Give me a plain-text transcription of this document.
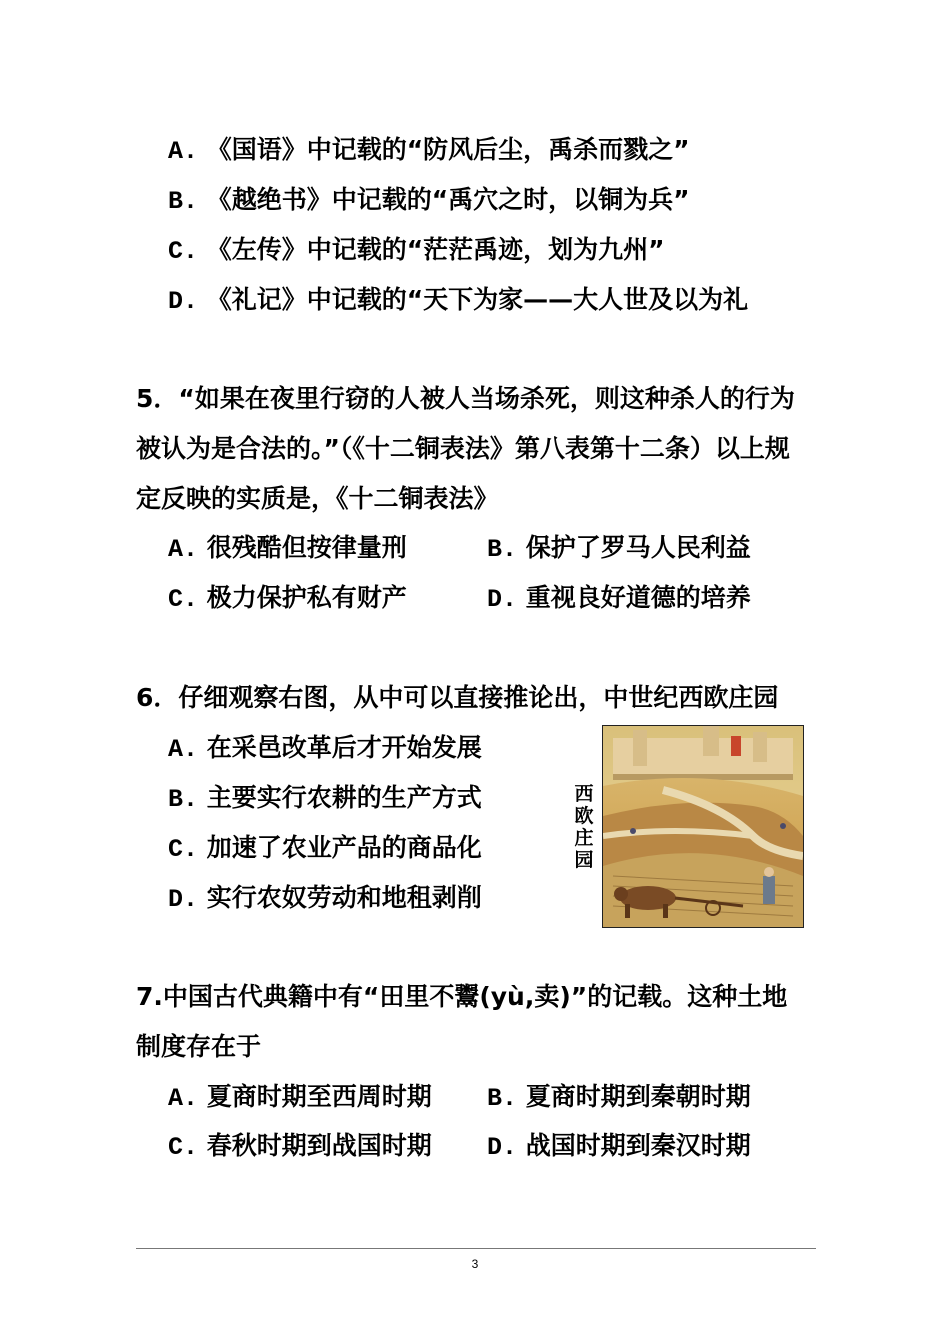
A. 《国语》中记载的“防风后尘，禹杀而戮之”
B. 《越绝书》中记载的“禹穴之时，以铜为兵”
C. 《左传》中记载的“茫茫禹迹，划为九州”
D. 《礼记》中记载的“天下为家——大人世及以为礼
5．“如果在夜里行窃的人被人当场杀死，则这种杀人的行为
被认为是合法的。”（《十二铜表法》第八表第十二条）以上规
定反映的实质是，《十二铜表法》
A. 很残酷但按律量刑	B. 保护了罗马人民利益
C. 极力保护私有财产	D. 重视良好道德的培养
6．仔细观察右图，从中可以直接推论出，中世纪西欧庄园
A. 在采邑改革后才开始发展
B. 主要实行农耕的生产方式
C. 加速了农业产品的商品化
D. 实行农奴劳动和地租剥削
西欧庄园
7.中国古代典籍中有“田里不鬻(yù,卖)”的记载。这种土地
制度存在于
A. 夏商时期至西周时期 B. 夏商时期到秦朝时期
C. 春秋时期到战国时期 D. 战国时期到秦汉时期
3
